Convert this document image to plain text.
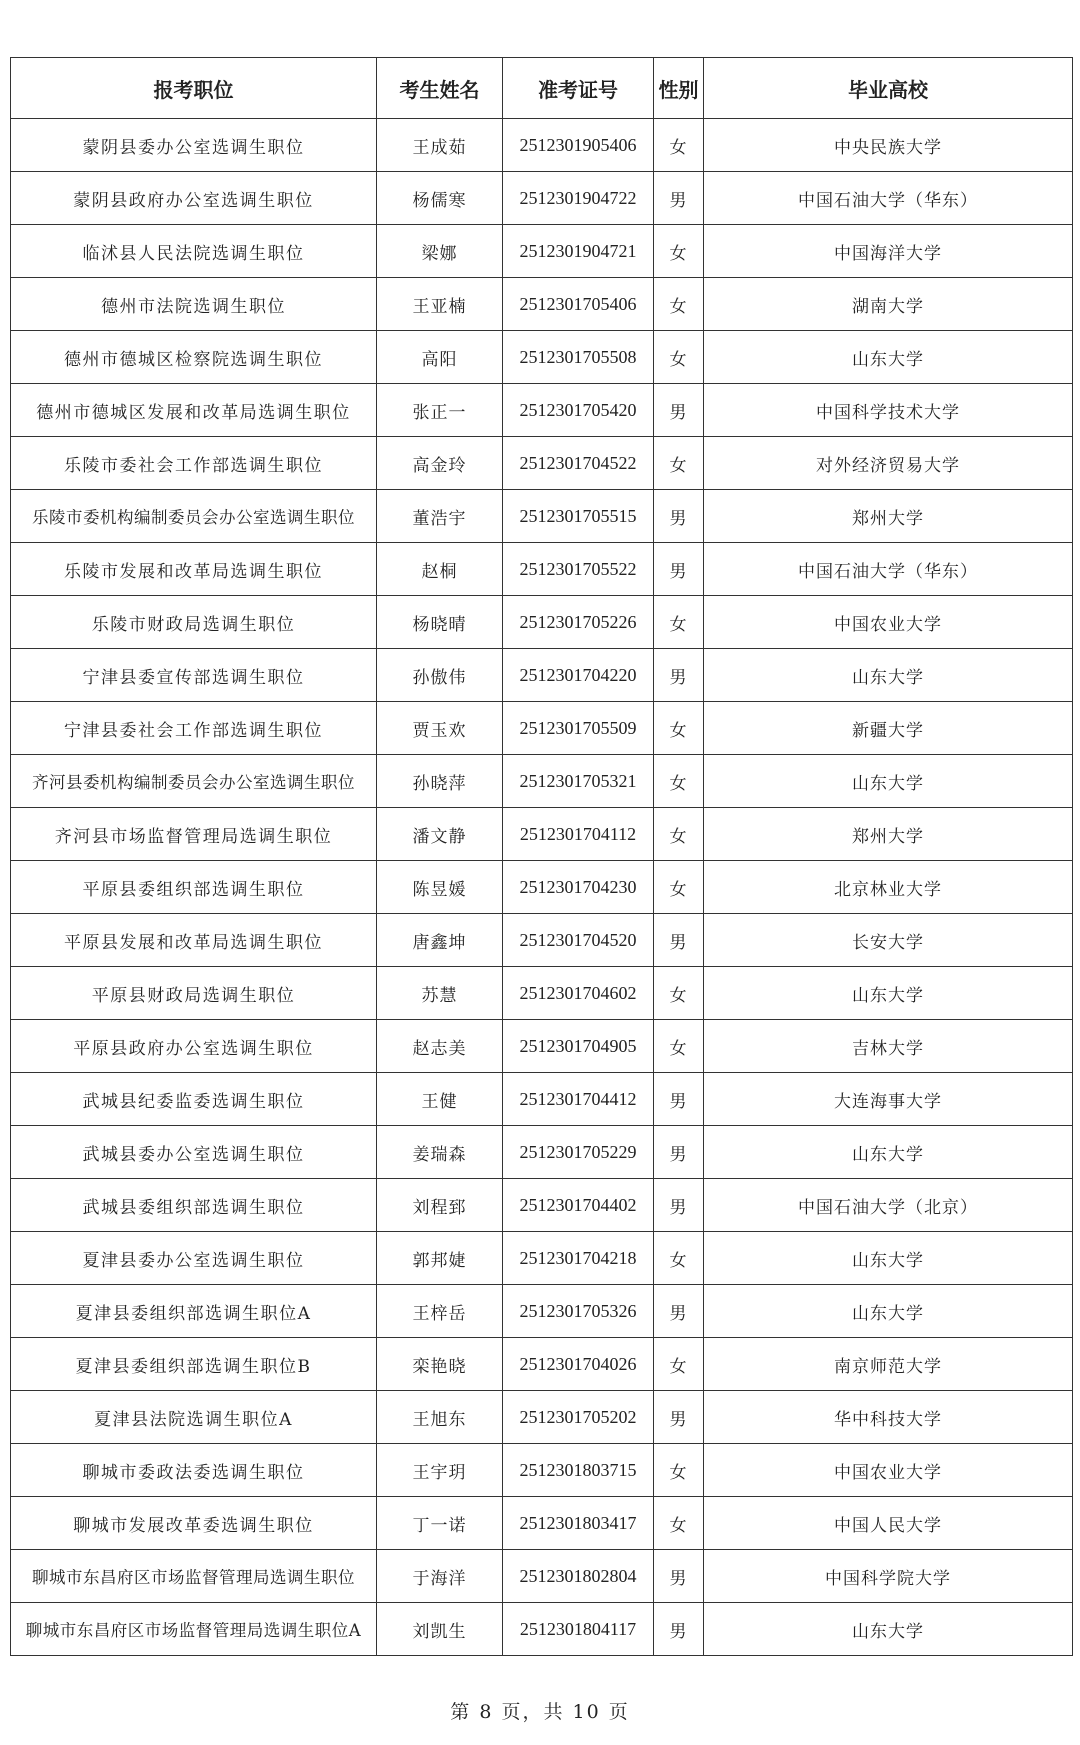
报考职位	考生姓名	准考证号	性别	毕业高校
蒙阴县委办公室选调生职位	王成茹	2512301905406	女	中央民族大学
蒙阴县政府办公室选调生职位	杨儒寒	2512301904722	男	中国石油大学（华东）
临沭县人民法院选调生职位	梁娜	2512301904721	女	中国海洋大学
德州市法院选调生职位	王亚楠	2512301705406	女	湖南大学
德州市德城区检察院选调生职位	高阳	2512301705508	女	山东大学
德州市德城区发展和改革局选调生职位	张正一	2512301705420	男	中国科学技术大学
乐陵市委社会工作部选调生职位	高金玲	2512301704522	女	对外经济贸易大学
乐陵市委机构编制委员会办公室选调生职位	董浩宇	2512301705515	男	郑州大学
乐陵市发展和改革局选调生职位	赵桐	2512301705522	男	中国石油大学（华东）
乐陵市财政局选调生职位	杨晓晴	2512301705226	女	中国农业大学
宁津县委宣传部选调生职位	孙傲伟	2512301704220	男	山东大学
宁津县委社会工作部选调生职位	贾玉欢	2512301705509	女	新疆大学
齐河县委机构编制委员会办公室选调生职位	孙晓萍	2512301705321	女	山东大学
齐河县市场监督管理局选调生职位	潘文静	2512301704112	女	郑州大学
平原县委组织部选调生职位	陈昱媛	2512301704230	女	北京林业大学
平原县发展和改革局选调生职位	唐鑫坤	2512301704520	男	长安大学
平原县财政局选调生职位	苏慧	2512301704602	女	山东大学
平原县政府办公室选调生职位	赵志美	2512301704905	女	吉林大学
武城县纪委监委选调生职位	王健	2512301704412	男	大连海事大学
武城县委办公室选调生职位	姜瑞森	2512301705229	男	山东大学
武城县委组织部选调生职位	刘程郅	2512301704402	男	中国石油大学（北京）
夏津县委办公室选调生职位	郭邦婕	2512301704218	女	山东大学
夏津县委组织部选调生职位A	王梓岳	2512301705326	男	山东大学
夏津县委组织部选调生职位B	栾艳晓	2512301704026	女	南京师范大学
夏津县法院选调生职位A	王旭东	2512301705202	男	华中科技大学
聊城市委政法委选调生职位	王宇玥	2512301803715	女	中国农业大学
聊城市发展改革委选调生职位	丁一诺	2512301803417	女	中国人民大学
聊城市东昌府区市场监督管理局选调生职位	于海洋	2512301802804	男	中国科学院大学
聊城市东昌府区市场监督管理局选调生职位A	刘凯生	2512301804117	男	山东大学
第 8 页，共 10 页
